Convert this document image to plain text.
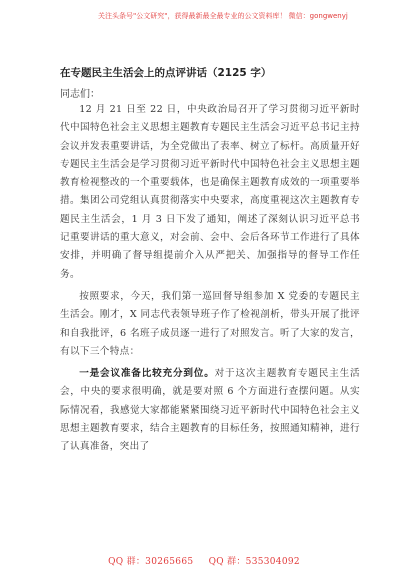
关注头条号"公文研究"，获得最新最全最专业的公文资料库！ 微信：gongwenyj
在专题民主生活会上的点评讲话（2125 字）
同志们：

12 月 21 日至 22 日，中央政治局召开了学习贯彻习近平新时代中国特色社会主义思想主题教育专题民主生活会习近平总书记主持会议并发表重要讲话，为全党做出了表率、树立了标杆。高质量开好专题民主生活会是学习贯彻习近平新时代中国特色社会主义思想主题教育检视整改的一个重要载体，也是确保主题教育成效的一项重要举措。集团公司党组认真贯彻落实中央要求，高度重视这次主题教育专题民主生活会，1 月 3 日下发了通知，阐述了深刻认识习近平总书记重要讲话的重大意义，对会前、会中、会后各环节工作进行了具体安排，并明确了督导组提前介入从严把关、加强指导的督导工作任务。

按照要求，今天，我们第一巡回督导组参加 X 党委的专题民主生活会。刚才，X 同志代表领导班子作了检视剖析，带头开展了批评和自我批评，6 名班子成员逐一进行了对照发言。听了大家的发言，有以下三个特点：

一是会议准备比较充分到位。对于这次主题教育专题民主生活会，中央的要求很明确，就是要对照 6 个方面进行查摆问题。从实际情况看，我感觉大家都能紧紧围绕习近平新时代中国特色社会主义思想主题教育要求，结合主题教育的目标任务，按照通知精神，进行了认真准备，突出了

QQ 群：30265665 QQ 群：535304092
